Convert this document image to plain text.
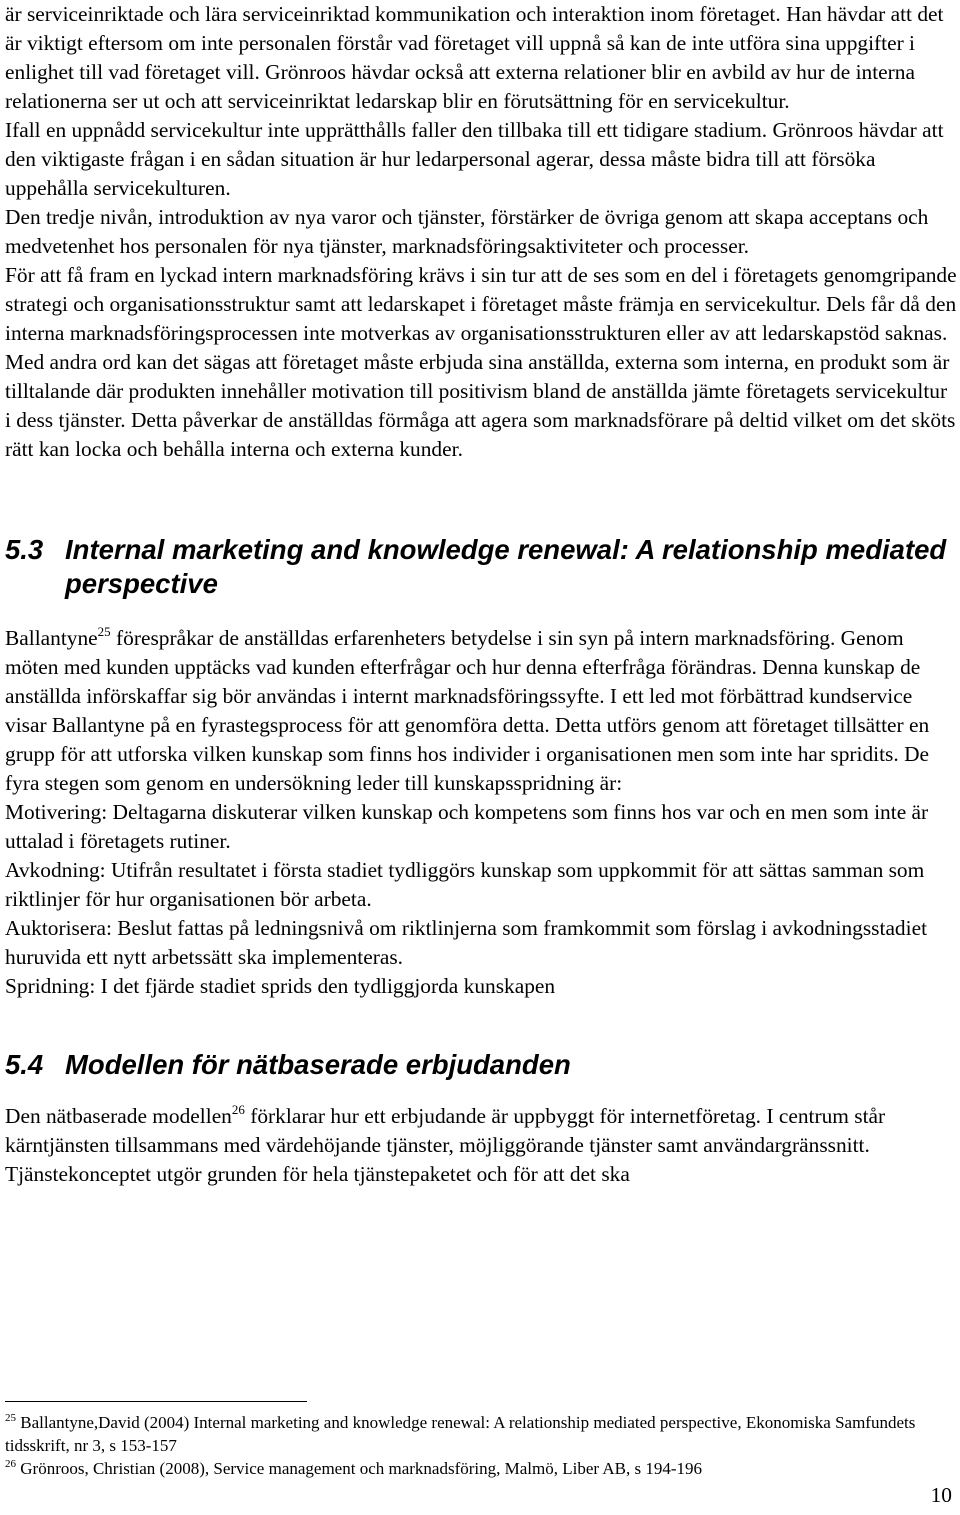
är serviceinriktade och lära serviceinriktad kommunikation och interaktion inom företaget. Han hävdar att det är viktigt eftersom om inte personalen förstår vad företaget vill uppnå så kan de inte utföra sina uppgifter i enlighet till vad företaget vill. Grönroos hävdar också att externa relationer blir en avbild av hur de interna relationerna ser ut och att serviceinriktat ledarskap blir en förutsättning för en servicekultur.

Ifall en uppnådd servicekultur inte upprätthålls faller den tillbaka till ett tidigare stadium. Grönroos hävdar att den viktigaste frågan i en sådan situation är hur ledarpersonal agerar, dessa måste bidra till att försöka uppehålla servicekulturen.

Den tredje nivån, introduktion av nya varor och tjänster, förstärker de övriga genom att skapa acceptans och medvetenhet hos personalen för nya tjänster, marknadsföringsaktiviteter och processer.

För att få fram en lyckad intern marknadsföring krävs i sin tur att de ses som en del i företagets genomgripande strategi och organisationsstruktur samt att ledarskapet i företaget måste främja en servicekultur. Dels får då den interna marknadsföringsprocessen inte motverkas av organisationsstrukturen eller av att ledarskapstöd saknas. Med andra ord kan det sägas att företaget måste erbjuda sina anställda, externa som interna, en produkt som är tilltalande där produkten innehåller motivation till positivism bland de anställda jämte företagets servicekultur i dess tjänster. Detta påverkar de anställdas förmåga att agera som marknadsförare på deltid vilket om det sköts rätt kan locka och behålla interna och externa kunder.

5.3 Internal marketing and knowledge renewal: A relationship mediated perspective

Ballantyne$^{25}$ förespråkar de anställdas erfarenheters betydelse i sin syn på intern marknadsföring. Genom möten med kunden upptäcks vad kunden efterfrågar och hur denna efterfråga förändras. Denna kunskap de anställda införskaffar sig bör användas i internt marknadsföringssyfte. I ett led mot förbättrad kundservice visar Ballantyne på en fyrastegsprocess för att genomföra detta. Detta utförs genom att företaget tillsätter en grupp för att utforska vilken kunskap som finns hos individer i organisationen men som inte har spridits. De fyra stegen som genom en undersökning leder till kunskapsspridning är:

Motivering: Deltagarna diskuterar vilken kunskap och kompetens som finns hos var och en men som inte är uttalad i företagets rutiner.

Avkodning: Utifrån resultatet i första stadiet tydliggörs kunskap som uppkommit för att sättas samman som riktlinjer för hur organisationen bör arbeta.

Auktorisera: Beslut fattas på ledningsnivå om riktlinjerna som framkommit som förslag i avkodningsstadiet huruvida ett nytt arbetssätt ska implementeras.

Spridning: I det fjärde stadiet sprids den tydliggjorda kunskapen

5.4 Modellen för nätbaserade erbjudanden

Den nätbaserade modellen$^{26}$ förklarar hur ett erbjudande är uppbyggt för internetföretag. I centrum står kärntjänsten tillsammans med värdehöjande tjänster, möjliggörande tjänster samt användargränssnitt. Tjänstekonceptet utgör grunden för hela tjänstepaketet och för att det ska

$^{25}$ Ballantyne,David (2004) Internal marketing and knowledge renewal: A relationship mediated perspective, Ekonomiska Samfundets tidsskrift, nr 3, s 153-157

$^{26}$ Grönroos, Christian (2008), Service management och marknadsföring, Malmö, Liber AB, s 194-196

10
